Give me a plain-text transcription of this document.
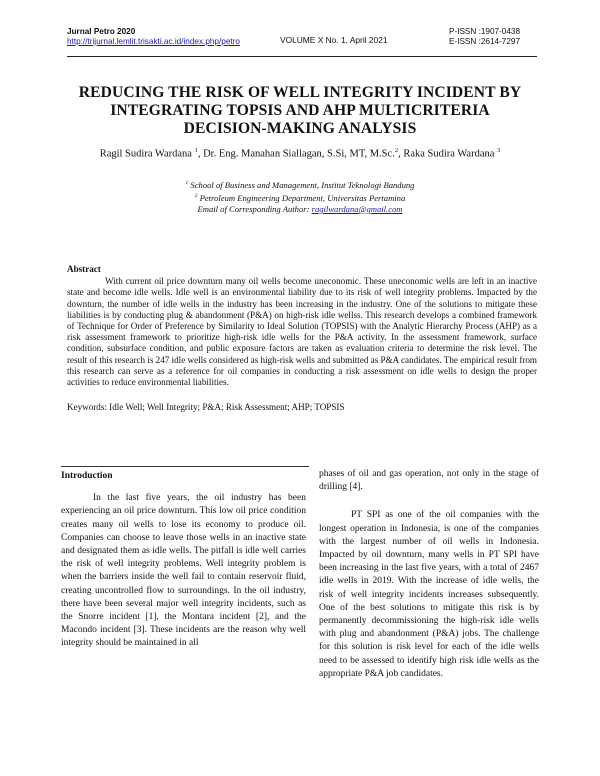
Jurnal Petro 2020
http://trijurnal.lemlit.trisakti.ac.id/index.php/petro	VOLUME X No. 1, April 2021
P-ISSN :1907-0438
E-ISSN :2614-7297
REDUCING THE RISK OF WELL INTEGRITY INCIDENT BY
INTEGRATING TOPSIS AND AHP MULTICRITERIA
DECISION-MAKING ANALYSIS
Ragil Sudira Wardana $^1$, Dr. Eng. Manahan Siallagan, S.Si, MT, M.Sc.$^2$, Raka Sudira Wardana $^3$
$^1$ School of Business and Management, Institut Teknologi Bandung
$^2$ Petroleum Engineering Department, Universitas Pertamina
Email of Corresponding Author: ragilwardana@gmail.com
Abstract

With current oil price downturn many oil wells become uneconomic. These uneconomic wells are left in an inactive state and become idle wells. Idle well is an environmental liability due to its risk of well integrity problems. Impacted by the downturn, the number of idle wells in the industry has been increasing in the industry. One of the solutions to mitigate these liabilities is by conducting plug & abandonment (P&A) on high-risk idle wellss. This research develops a combined framework of Technique for Order of Preference by Similarity to Ideal Solution (TOPSIS) with the Analytic Hierarchy Process (AHP) as a risk assessment framework to prioritize high-risk idle wells for the P&A activity. In the assessment framework, surface condition, subsurface condition, and public exposure factors are taken as evaluation criteria to determine the risk level. The result of this research is 247 idle wells considered as high-risk wells and submitted as P&A candidates. The empirical result from this research can serve as a reference for oil companies in conducting a risk assessment on idle wells to design the proper activities to reduce environmental liabilities.

Keywords: Idle Well; Well Integrity; P&A; Risk Assessment; AHP; TOPSIS
Introduction

In the last five years, the oil industry has been experiencing an oil price downturn. This low oil price condition creates many oil wells to lose its economy to produce oil. Companies can choose to leave those wells in an inactive state and designated them as idle wells. The pitfall is idle well carries the risk of well integrity problems. Well integrity problem is when the barriers inside the well fail to contain reservoir fluid, creating uncontrolled flow to surroundings. In the oil industry, there have been several major well integrity incidents, such as the Snorre incident [1], the Montara incident [2], and the Macondo incident [3]. These incidents are the reason why well integrity should be maintained in all

phases of oil and gas operation, not only in the stage of drilling [4].

PT SPI as one of the oil companies with the longest operation in Indonesia, is one of the companies with the largest number of oil wells in Indonesia. Impacted by oil downturn, many wells in PT SPI have been increasing in the last five years, with a total of 2467 idle wells in 2019. With the increase of idle wells, the risk of well integrity incidents increases subsequently. One of the best solutions to mitigate this risk is by permanently decommissioning the high-risk idle wells with plug and abandonment (P&A) jobs. The challenge for this solution is risk level for each of the idle wells need to be assessed to identify high risk idle wells as the appropriate P&A job candidates.
